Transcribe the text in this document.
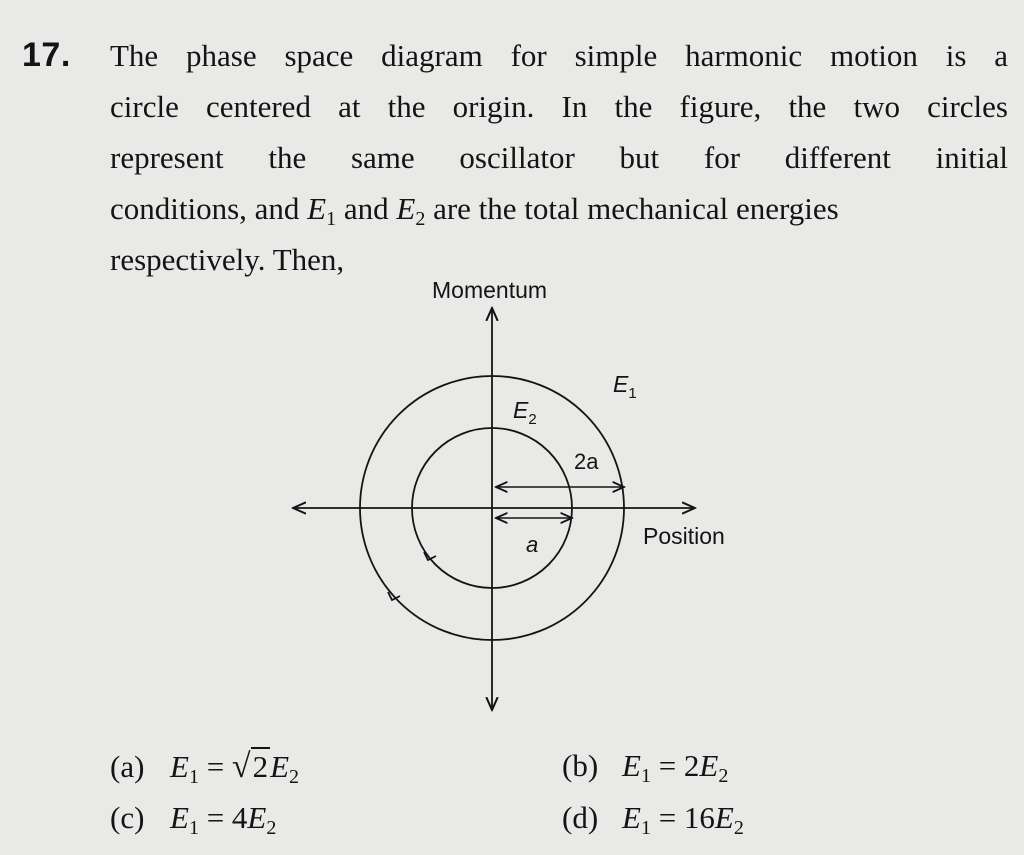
17. The phase space diagram for simple harmonic motion is a
circle centered at the origin. In the figure, the two circles
represent the same oscillator but for different initial
conditions, and $E_1$ and $E_2$ are the total mechanical energies
respectively. Then,
Momentum
Position
$E_1$
$E_2$
2a
a
(a) $E_1 = √2E_2$	(b) $E_1 = 2E_2$
(c) $E_1 = 4E_2$	(d) $E_1 = 16E_2$
